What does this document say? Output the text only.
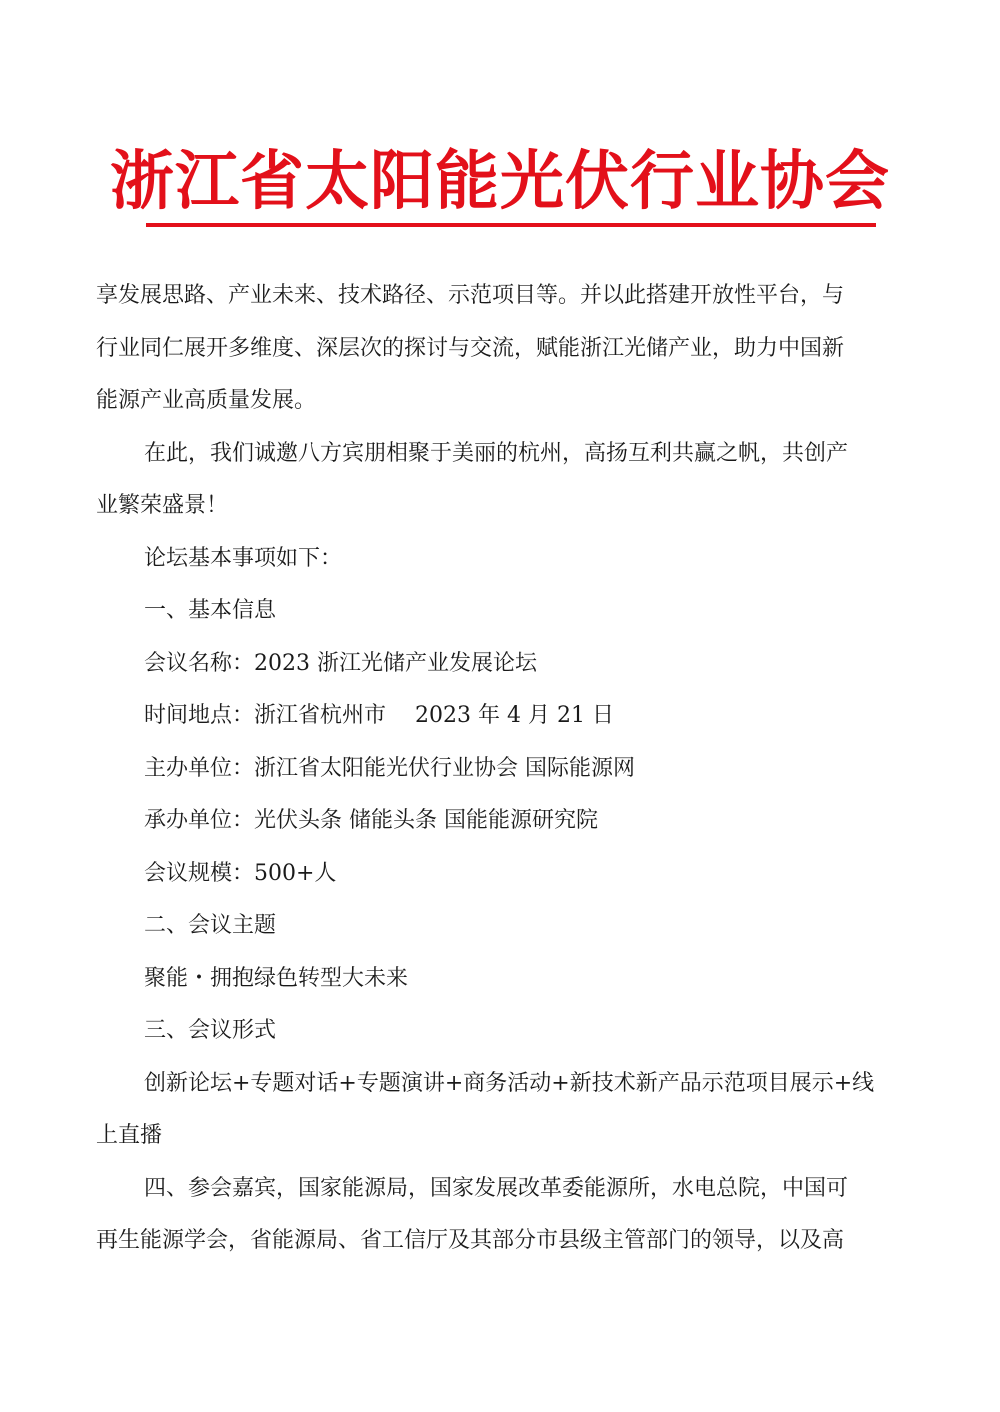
浙江省太阳能光伏行业协会

享发展思路、产业未来、技术路径、示范项目等。并以此搭建开放性平台，与

行业同仁展开多维度、深层次的探讨与交流，赋能浙江光储产业，助力中国新

能源产业高质量发展。

在此，我们诚邀八方宾朋相聚于美丽的杭州，高扬互利共赢之帆，共创产

业繁荣盛景！

论坛基本事项如下：

一、基本信息

会议名称：2023 浙江光储产业发展论坛

时间地点：浙江省杭州市　 2023 年 4 月 21 日

主办单位：浙江省太阳能光伏行业协会 国际能源网

承办单位：光伏头条 储能头条 国能能源研究院

会议规模：500+人

二、会议主题

聚能・拥抱绿色转型大未来

三、会议形式

创新论坛+专题对话+专题演讲+商务活动+新技术新产品示范项目展示+线

上直播

四、参会嘉宾，国家能源局，国家发展改革委能源所，水电总院，中国可

再生能源学会，省能源局、省工信厅及其部分市县级主管部门的领导，以及高
